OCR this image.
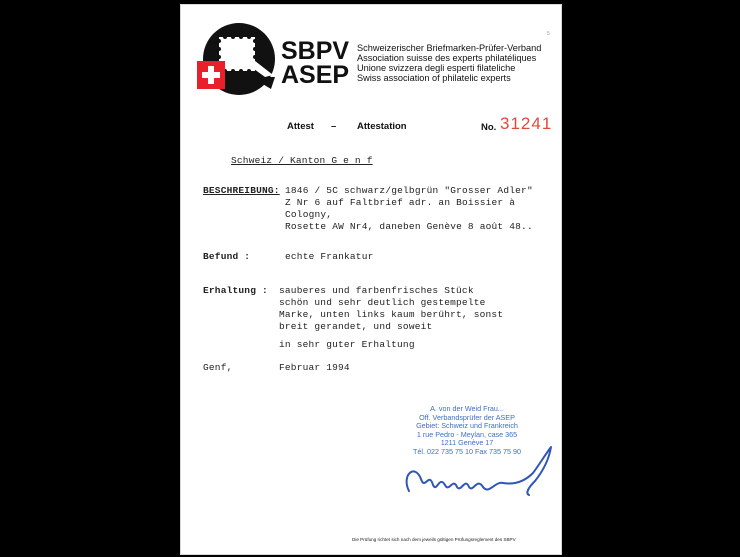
5
SBPV
ASEP
Schweizerischer Briefmarken-Prüfer-Verband
Association suisse des experts philatéliques
Unione svizzera degli esperti filateliche
Swiss association of philatelic experts
Attest – Attestation	No. 31241
Schweiz / Kanton G e n f
BESCHREIBUNG: 1846 / 5C schwarz/gelbgrün "Grosser Adler"
Z Nr 6 auf Faltbrief adr. an Boissier à
Cologny,
Rosette AW Nr4, daneben Genève 8 août 48..
Befund :	echte Frankatur
Erhaltung : sauberes und farbenfrisches Stück
schön und sehr deutlich gestempelte
Marke, unten links kaum berührt, sonst
breit gerandet, und soweit
in sehr guter Erhaltung
Genf,	Februar 1994
A. von der Weid Frau...
Off. Verbandsprüfer der ASEP
Gebiet: Schweiz und Frankreich
1 rue Pedro - Meylan, case 365
1211 Genève 17
Tél. 022 735 75 10 Fax 735 75 90
Die Prüfung richtet sich nach dem jeweils gültigen Prüfungsreglement des SBPV
